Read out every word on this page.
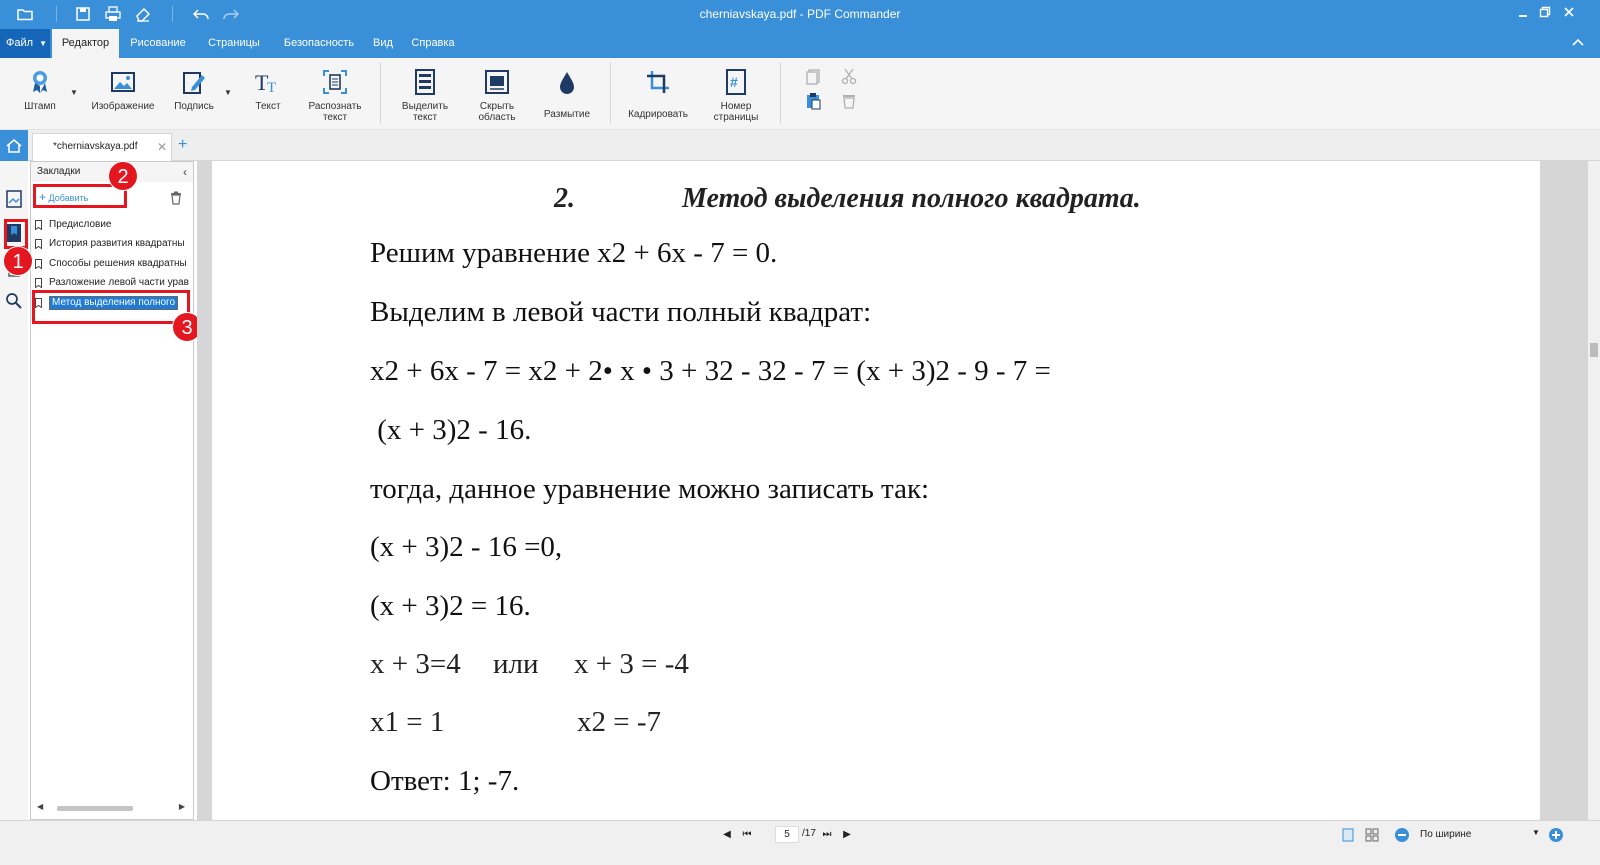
cherniavskaya.pdf - PDF Commander
Файл ▼	Редактор	Рисование	Страницы	Безопасность	Вид	Справка
Штамп
▼
Изображение	Подпись
▼ T
T
Текст	Распознать
текст
Выделить
текст
Скрыть
область	Размытие	Кадрировать
#
Номер
страницы
*cherniavskaya.pdf ✕ +
Закладки	‹
+ Добавить
Предисловие
История развития квадратны
Способы решения квадратны
Разложение левой части урав
Метод выделения полного
◀	▶
1
2
3
2.	Метод выделения полного квадрата.
Решим уравнение x2 + 6x - 7 = 0.
Выделим в левой части полный квадрат:
x2 + 6x - 7 = x2 + 2• x • 3 + 32 - 32 - 7 = (x + 3)2 - 9 - 7 =
(x + 3)2 - 16.
тогда, данное уравнение можно записать так:
(x + 3)2 - 16 =0,
(x + 3)2 = 16.
x + 3=4 или x + 3 = -4
x1 = 1	x2 = -7
Ответ: 1; -7.
◀	⏮	5	/17 ⏭	▶	По ширине	▼
